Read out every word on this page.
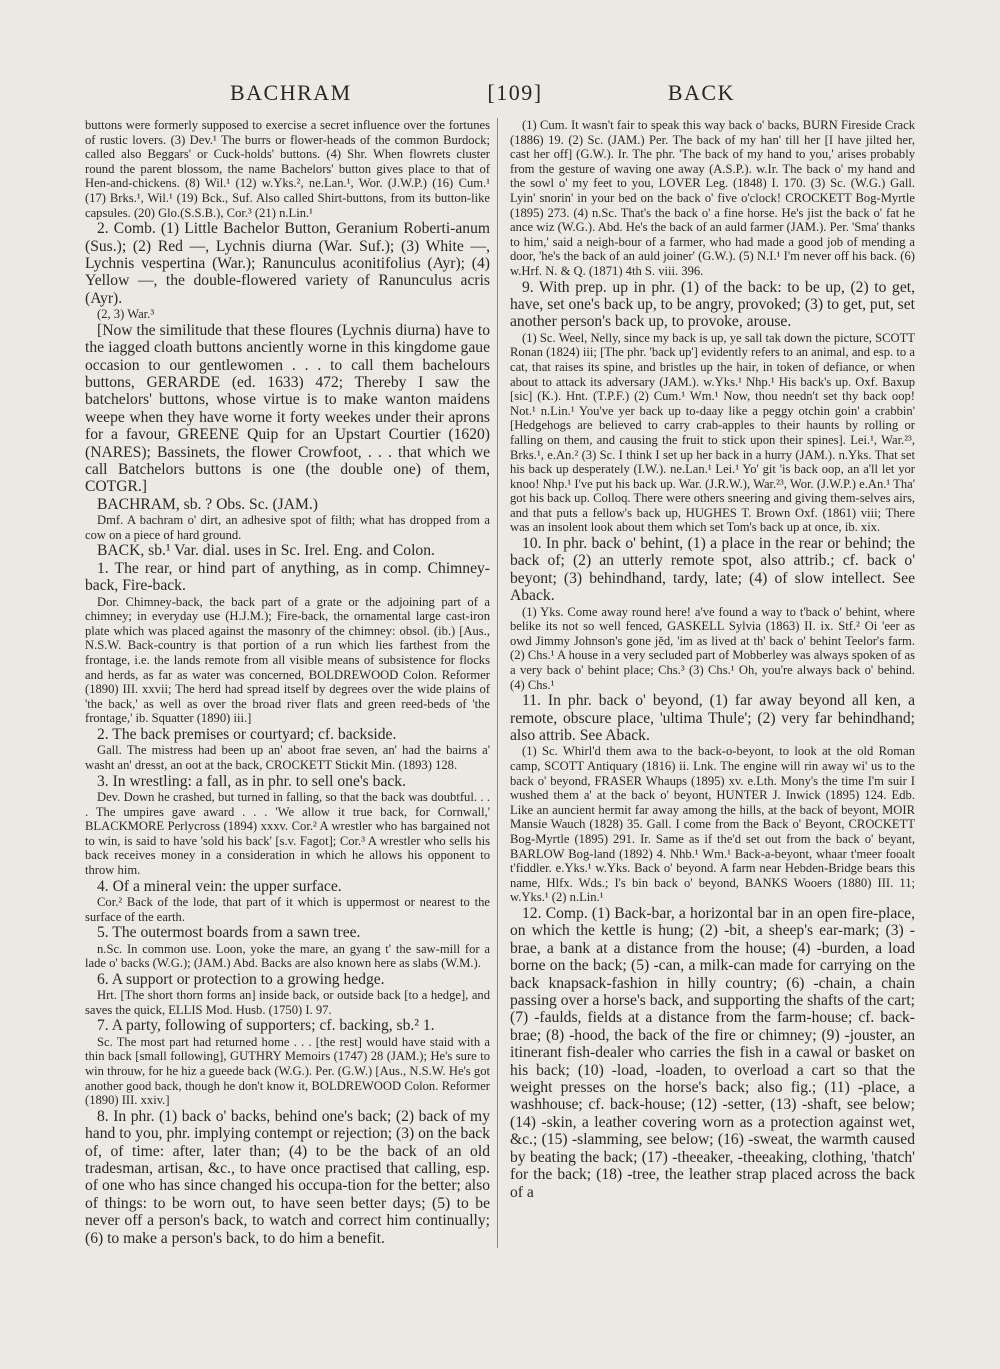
BACHRAM	[109]	BACK

buttons were formerly supposed to exercise a secret influence over the fortunes of rustic lovers. (3) Dev.¹ The burrs or flower-heads of the common Burdock; called also Beggars' or Cuck-holds' buttons. (4) Shr. When flowrets cluster round the parent blossom, the name Bachelors' button gives place to that of Hen-and-chickens. (8) Wil.¹ (12) w.Yks.², ne.Lan.¹, Wor. (J.W.P.) (16) Cum.¹ (17) Brks.¹, Wil.¹ (19) Bck., Suf. Also called Shirt-buttons, from its button-like capsules. (20) Glo.(S.S.B.), Cor.³ (21) n.Lin.¹

2. Comb. (1) Little Bachelor Button, Geranium Roberti-anum (Sus.); (2) Red —, Lychnis diurna (War. Suf.); (3) White —, Lychnis vespertina (War.); Ranunculus aconitifolius (Ayr); (4) Yellow —, the double-flowered variety of Ranunculus acris (Ayr).

(2, 3) War.³

[Now the similitude that these floures (Lychnis diurna) have to the iagged cloath buttons anciently worne in this kingdome gaue occasion to our gentlewomen . . . to call them bachelours buttons, GERARDE (ed. 1633) 472; Thereby I saw the batchelors' buttons, whose virtue is to make wanton maidens weepe when they have worne it forty weekes under their aprons for a favour, GREENE Quip for an Upstart Courtier (1620) (NARES); Bassinets, the flower Crowfoot, . . . that which we call Batchelors buttons is one (the double one) of them, COTGR.]

BACHRAM, sb. ? Obs. Sc. (JAM.)

Dmf. A bachram o' dirt, an adhesive spot of filth; what has dropped from a cow on a piece of hard ground.

BACK, sb.¹ Var. dial. uses in Sc. Irel. Eng. and Colon.

1. The rear, or hind part of anything, as in comp. Chimney-back, Fire-back.

Dor. Chimney-back, the back part of a grate or the adjoining part of a chimney; in everyday use (H.J.M.); Fire-back, the ornamental large cast-iron plate which was placed against the masonry of the chimney: obsol. (ib.) [Aus., N.S.W. Back-country is that portion of a run which lies farthest from the frontage, i.e. the lands remote from all visible means of subsistence for flocks and herds, as far as water was concerned, BOLDREWOOD Colon. Reformer (1890) III. xxvii; The herd had spread itself by degrees over the wide plains of 'the back,' as well as over the broad river flats and green reed-beds of 'the frontage,' ib. Squatter (1890) iii.]

2. The back premises or courtyard; cf. backside.

Gall. The mistress had been up an' aboot frae seven, an' had the bairns a' washt an' dresst, an oot at the back, CROCKETT Stickit Min. (1893) 128.

3. In wrestling: a fall, as in phr. to sell one's back.

Dev. Down he crashed, but turned in falling, so that the back was doubtful. . . . The umpires gave award . . . 'We allow it true back, for Cornwall,' BLACKMORE Perlycross (1894) xxxv. Cor.² A wrestler who has bargained not to win, is said to have 'sold his back' [s.v. Fagot]; Cor.³ A wrestler who sells his back receives money in a consideration in which he allows his opponent to throw him.

4. Of a mineral vein: the upper surface.

Cor.² Back of the lode, that part of it which is uppermost or nearest to the surface of the earth.

5. The outermost boards from a sawn tree.

n.Sc. In common use. Loon, yoke the mare, an gyang t' the saw-mill for a lade o' backs (W.G.); (JAM.) Abd. Backs are also known here as slabs (W.M.).

6. A support or protection to a growing hedge.

Hrt. [The short thorn forms an] inside back, or outside back [to a hedge], and saves the quick, ELLIS Mod. Husb. (1750) I. 97.

7. A party, following of supporters; cf. backing, sb.² 1.

Sc. The most part had returned home . . . [the rest] would have staid with a thin back [small following], GUTHRY Memoirs (1747) 28 (JAM.); He's sure to win throuw, for he hiz a gueede back (W.G.). Per. (G.W.) [Aus., N.S.W. He's got another good back, though he don't know it, BOLDREWOOD Colon. Reformer (1890) III. xxiv.]

8. In phr. (1) back o' backs, behind one's back; (2) back of my hand to you, phr. implying contempt or rejection; (3) on the back of, of time: after, later than; (4) to be the back of an old tradesman, artisan, &c., to have once practised that calling, esp. of one who has since changed his occupa-tion for the better; also of things: to be worn out, to have seen better days; (5) to be never off a person's back, to watch and correct him continually; (6) to make a person's back, to do him a benefit.

(1) Cum. It wasn't fair to speak this way back o' backs, BURN Fireside Crack (1886) 19. (2) Sc. (JAM.) Per. The back of my han' till her [I have jilted her, cast her off] (G.W.). Ir. The phr. 'The back of my hand to you,' arises probably from the gesture of waving one away (A.S.P.). w.Ir. The back o' my hand and the sowl o' my feet to you, LOVER Leg. (1848) I. 170. (3) Sc. (W.G.) Gall. Lyin' snorin' in your bed on the back o' five o'clock! CROCKETT Bog-Myrtle (1895) 273. (4) n.Sc. That's the back o' a fine horse. He's jist the back o' fat he ance wiz (W.G.). Abd. He's the back of an auld farmer (JAM.). Per. 'Sma' thanks to him,' said a neigh-bour of a farmer, who had made a good job of mending a door, 'he's the back of an auld joiner' (G.W.). (5) N.I.¹ I'm never off his back. (6) w.Hrf. N. & Q. (1871) 4th S. viii. 396.

9. With prep. up in phr. (1) of the back: to be up, (2) to get, have, set one's back up, to be angry, provoked; (3) to get, put, set another person's back up, to provoke, arouse.

(1) Sc. Weel, Nelly, since my back is up, ye sall tak down the picture, SCOTT Ronan (1824) iii; [The phr. 'back up'] evidently refers to an animal, and esp. to a cat, that raises its spine, and bristles up the hair, in token of defiance, or when about to attack its adversary (JAM.). w.Yks.¹ Nhp.¹ His back's up. Oxf. Baxup [sic] (K.). Hnt. (T.P.F.) (2) Cum.¹ Wm.¹ Now, thou needn't set thy back oop! Not.¹ n.Lin.¹ You've yer back up to-daay like a peggy otchin goin' a crabbin' [Hedgehogs are believed to carry crab-apples to their haunts by rolling or falling on them, and causing the fruit to stick upon their spines]. Lei.¹, War.²³, Brks.¹, e.An.² (3) Sc. I think I set up her back in a hurry (JAM.). n.Yks. That set his back up desperately (I.W.). ne.Lan.¹ Lei.¹ Yo' git 'is back oop, an a'll let yor knoo! Nhp.¹ I've put his back up. War. (J.R.W.), War.²³, Wor. (J.W.P.) e.An.¹ Tha' got his back up. Colloq. There were others sneering and giving them-selves airs, and that puts a fellow's back up, HUGHES T. Brown Oxf. (1861) viii; There was an insolent look about them which set Tom's back up at once, ib. xix.

10. In phr. back o' behint, (1) a place in the rear or behind; the back of; (2) an utterly remote spot, also attrib.; cf. back o' beyont; (3) behindhand, tardy, late; (4) of slow intellect. See Aback.

(1) Yks. Come away round here! a've found a way to t'back o' behint, where belike its not so well fenced, GASKELL Sylvia (1863) II. ix. Stf.² Oi 'eer as owd Jimmy Johnson's gone jĕd, 'im as lived at th' back o' behint Teelor's farm. (2) Chs.¹ A house in a very secluded part of Mobberley was always spoken of as a very back o' behint place; Chs.³ (3) Chs.¹ Oh, you're always back o' behind. (4) Chs.¹

11. In phr. back o' beyond, (1) far away beyond all ken, a remote, obscure place, 'ultima Thule'; (2) very far behindhand; also attrib. See Aback.

(1) Sc. Whirl'd them awa to the back-o-beyont, to look at the old Roman camp, SCOTT Antiquary (1816) ii. Lnk. The engine will rin away wi' us to the back o' beyond, FRASER Whaups (1895) xv. e.Lth. Mony's the time I'm suir I wushed them a' at the back o' beyont, HUNTER J. Inwick (1895) 124. Edb. Like an auncient hermit far away among the hills, at the back of beyont, MOIR Mansie Wauch (1828) 35. Gall. I come from the Back o' Beyont, CROCKETT Bog-Myrtle (1895) 291. Ir. Same as if the'd set out from the back o' beyant, BARLOW Bog-land (1892) 4. Nhb.¹ Wm.¹ Back-a-beyont, whaar t'meer fooalt t'fiddler. e.Yks.¹ w.Yks. Back o' beyond. A farm near Hebden-Bridge bears this name, Hlfx. Wds.; I's bin back o' beyond, BANKS Wooers (1880) III. 11; w.Yks.¹ (2) n.Lin.¹

12. Comp. (1) Back-bar, a horizontal bar in an open fire-place, on which the kettle is hung; (2) -bit, a sheep's ear-mark; (3) -brae, a bank at a distance from the house; (4) -burden, a load borne on the back; (5) -can, a milk-can made for carrying on the back knapsack-fashion in hilly country; (6) -chain, a chain passing over a horse's back, and supporting the shafts of the cart; (7) -faulds, fields at a distance from the farm-house; cf. back-brae; (8) -hood, the back of the fire or chimney; (9) -jouster, an itinerant fish-dealer who carries the fish in a cawal or basket on his back; (10) -load, -loaden, to overload a cart so that the weight presses on the horse's back; also fig.; (11) -place, a washhouse; cf. back-house; (12) -setter, (13) -shaft, see below; (14) -skin, a leather covering worn as a protection against wet, &c.; (15) -slamming, see below; (16) -sweat, the warmth caused by beating the back; (17) -theeaker, -theeaking, clothing, 'thatch' for the back; (18) -tree, the leather strap placed across the back of a
